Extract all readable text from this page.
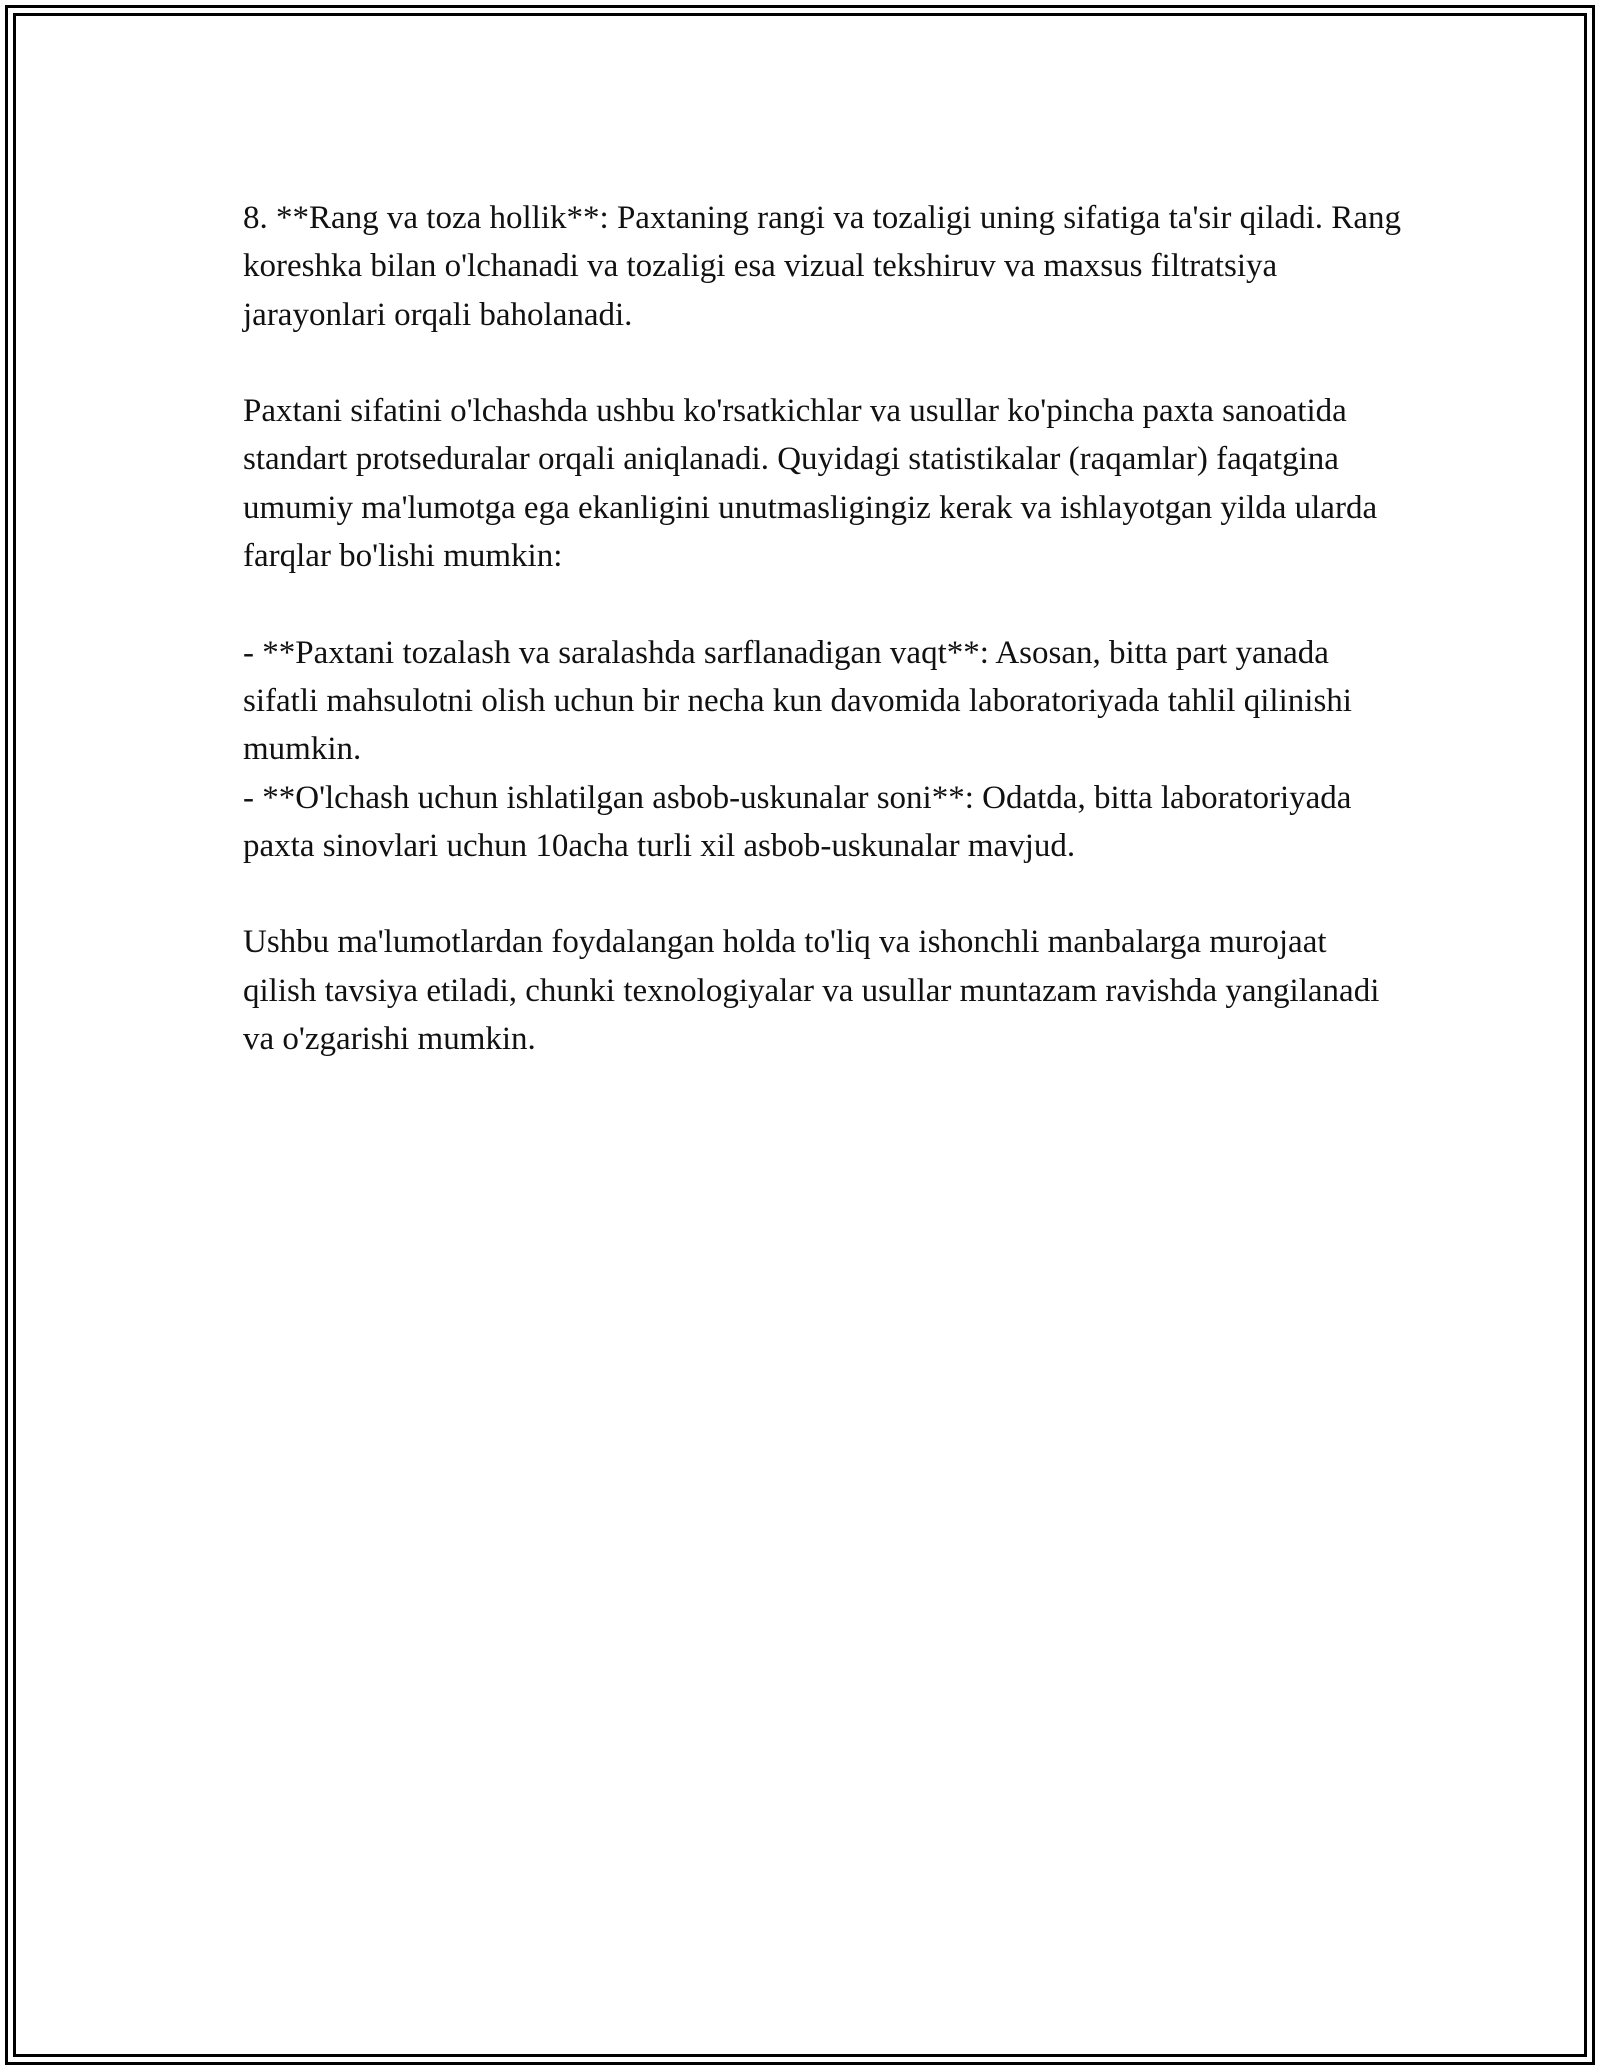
8. **Rang va toza hollik**: Paxtaning rangi va tozaligi uning sifatiga ta'sir qiladi. Rang koreshka bilan o'lchanadi va tozaligi esa vizual tekshiruv va maxsus filtratsiya jarayonlari orqali baholanadi.

Paxtani sifatini o'lchashda ushbu ko'rsatkichlar va usullar ko'pincha paxta sanoatida standart protseduralar orqali aniqlanadi. Quyidagi statistikalar (raqamlar) faqatgina umumiy ma'lumotga ega ekanligini unutmasligingiz kerak va ishlayotgan yilda ularda farqlar bo'lishi mumkin:

- **Paxtani tozalash va saralashda sarflanadigan vaqt**: Asosan, bitta part yanada sifatli mahsulotni olish uchun bir necha kun davomida laboratoriyada tahlil qilinishi mumkin.
- **O'lchash uchun ishlatilgan asbob-uskunalar soni**: Odatda, bitta laboratoriyada paxta sinovlari uchun 10acha turli xil asbob-uskunalar mavjud.

Ushbu ma'lumotlardan foydalangan holda to'liq va ishonchli manbalarga murojaat qilish tavsiya etiladi, chunki texnologiyalar va usullar muntazam ravishda yangilanadi va o'zgarishi mumkin.
